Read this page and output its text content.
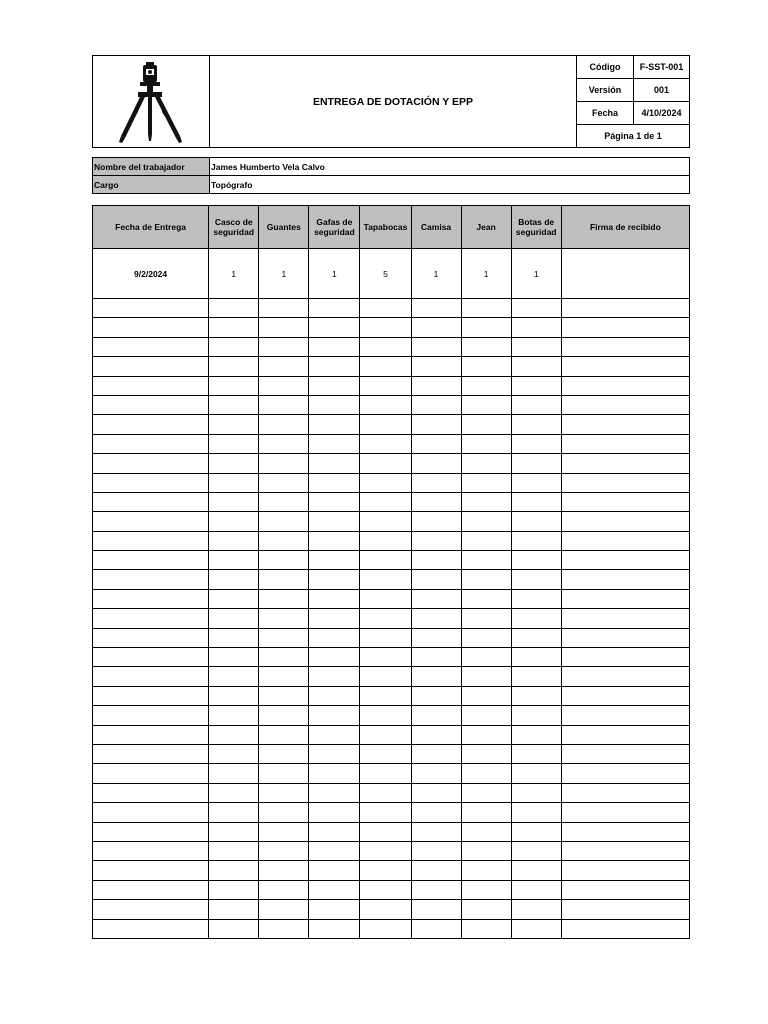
	ENTREGA DE DOTACIÓN Y EPP	Código	F-SST-001
		Versión	001
		Fecha	4/10/2024
		Página 1 de 1	
Nombre del trabajador	James Humberto Vela Calvo
Cargo	Topógrafo
Fecha de Entrega	Casco de seguridad	Guantes	Gafas de seguridad	Tapabocas	Camisa	Jean	Botas de seguridad	Firma de recibido
9/2/2024	1	1	1	5	1	1	1	
